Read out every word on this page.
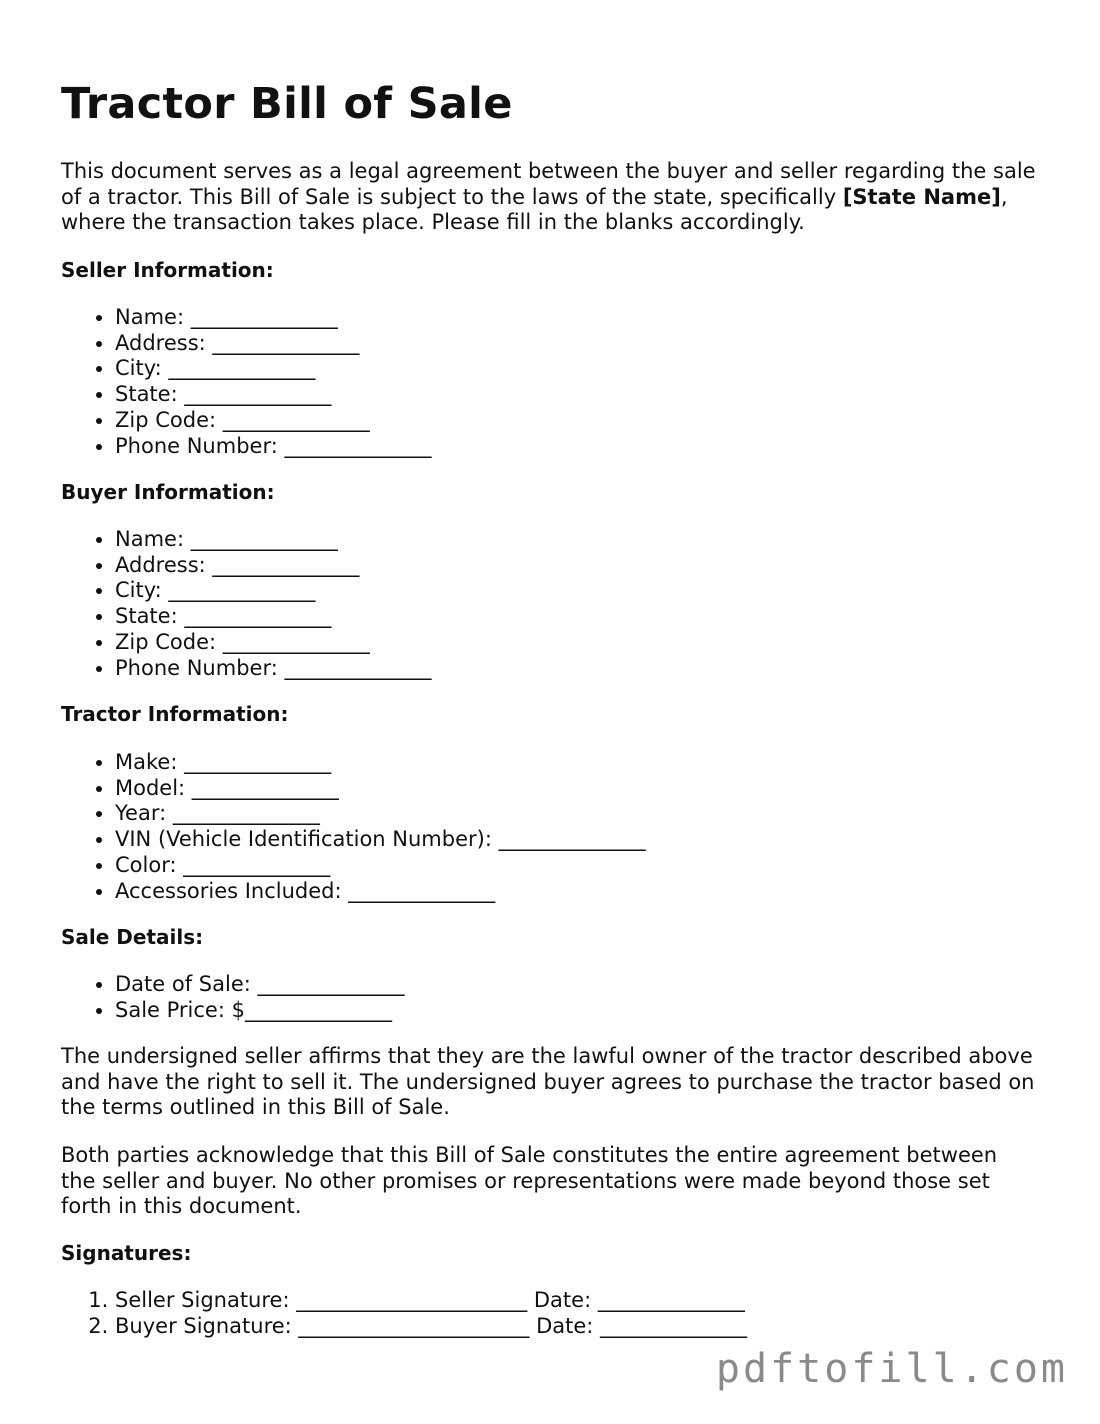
Tractor Bill of Sale

This document serves as a legal agreement between the buyer and seller regarding the sale of a tractor. This Bill of Sale is subject to the laws of the state, specifically [State Name], where the transaction takes place. Please fill in the blanks accordingly.

Seller Information:
• Name: ______________
• Address: ______________
• City: ______________
• State: ______________
• Zip Code: ______________
• Phone Number: ______________
Buyer Information:
• Name: ______________
• Address: ______________
• City: ______________
• State: ______________
• Zip Code: ______________
• Phone Number: ______________
Tractor Information:
• Make: ______________
• Model: ______________
• Year: ______________
• VIN (Vehicle Identification Number): ______________
• Color: ______________
• Accessories Included: ______________
Sale Details:
• Date of Sale: ______________
• Sale Price: $______________

The undersigned seller affirms that they are the lawful owner of the tractor described above and have the right to sell it. The undersigned buyer agrees to purchase the tractor based on the terms outlined in this Bill of Sale.

Both parties acknowledge that this Bill of Sale constitutes the entire agreement between the seller and buyer. No other promises or representations were made beyond those set forth in this document.

Signatures:
1. Seller Signature: ______________________ Date: ______________
2. Buyer Signature: ______________________ Date: ______________
pdftofill.com
